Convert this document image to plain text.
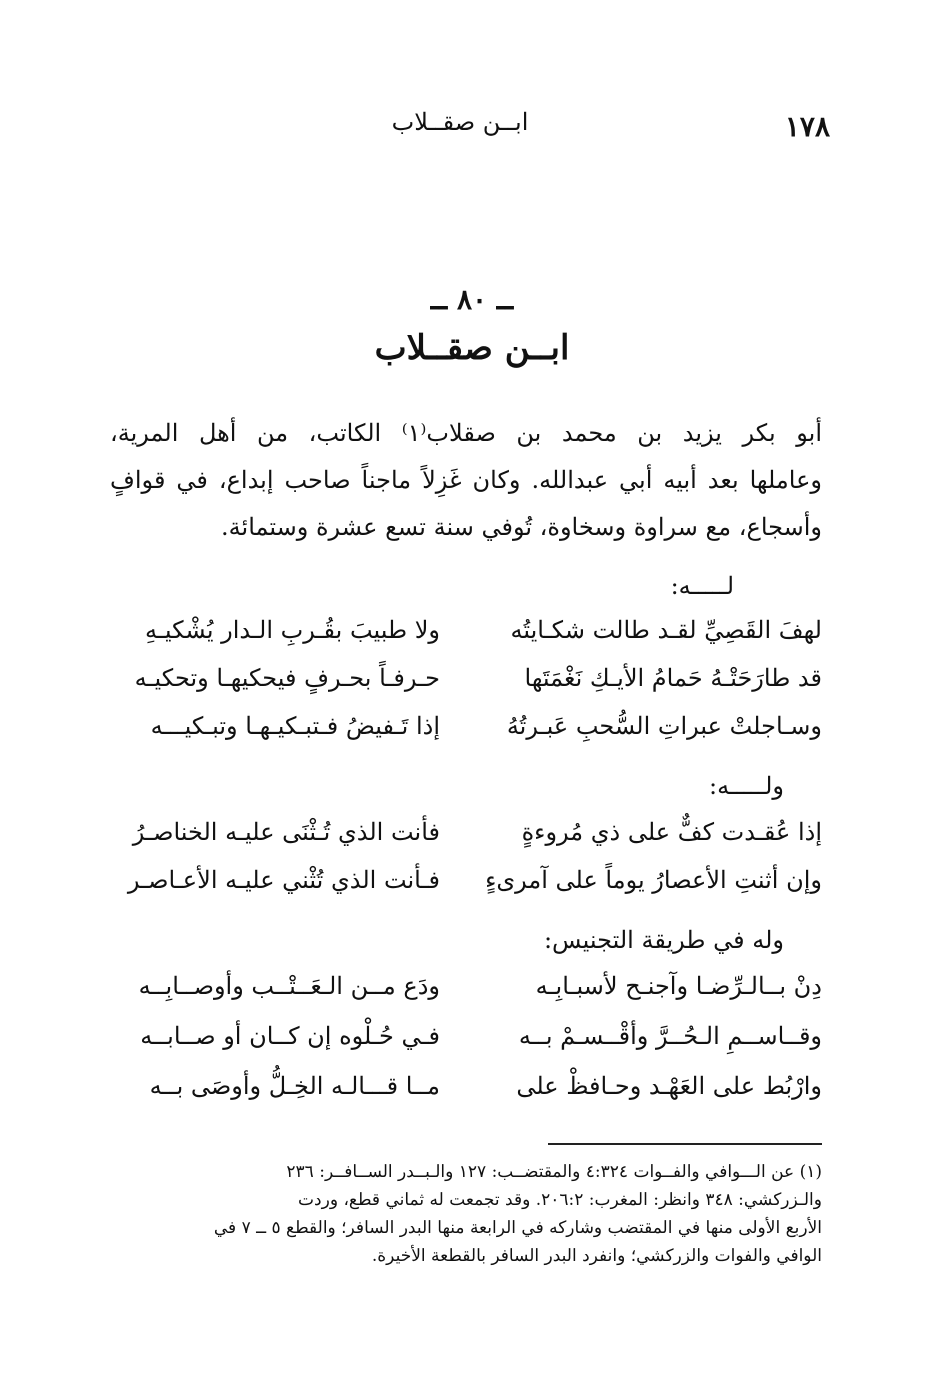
ابــن صقــلاب	١٧٨
ــ ٨٠ ــ
ابــن صقــلاب
أبو بكر يزيد بن محمد بن صقلاب⁽١⁾ الكاتب، من أهل المرية،
وعاملها بعد أبيه أبي عبدالله. وكان غَزِلاً ماجناً صاحب إبداع، في قوافٍ
وأسجاع، مع سراوة وسخاوة، تُوفي سنة تسع عشرة وستمائة.
لـــــه:
لهفَ القَصِيِّ لقـد طالت شكـايتُه
ولا طبيبَ بقُـربِ الـدار يُشْكيـهِ
قد طارَحَتْـهُ حَمامُ الأيـكِ نَغْمَتَها
حـرفـاً بحـرفٍ فيحكيهـا وتحكيـه
وسـاجلتْ عبراتِ السُّحبِ عَبـرتُهُ
إذا تَـفيضُ فـتبـكيـهـا وتبـكيـــه
ولـــــه:
إذا عُقـدت كفٌّ على ذي مُروءةٍ
فأنت الذي تُـثْنَى عليـه الخناصـرُ
وإن أثنتِ الأعصارُ يوماً على آمرىءٍ
فـأنت الذي تُثْني عليـه الأعـاصـر
وله في طريقة التجنيس:
دِنْ بــالـرِّضـا وآجنـح لأسبـابِـه
ودَع مــن الـعَــتْــب وأوصــابِــه
وقــاســمِ الـحُــرَّ وأقْــسـمْ بــه
فـي حُـلْوه إن كــان أو صــابــه
وارْبُط على العَهْـد وحـافظْ على
مــا قـــالـه الخِـلُّ وأوصَى بــه
(١) عن الـــوافي والفــوات ٤:٣٢٤ والمقتضــب: ١٢٧ والـبــدر الســافــر: ٢٣٦
والـزركشي: ٣٤٨ وانظر: المغرب: ٢٠٦:٢. وقد تجمعت له ثماني قطع، وردت
الأربع الأولى منها في المقتضب وشاركه في الرابعة منها البدر السافر؛ والقطع ٥ ــ ٧ في
الوافي والفوات والزركشي؛ وانفرد البدر السافر بالقطعة الأخيرة.
